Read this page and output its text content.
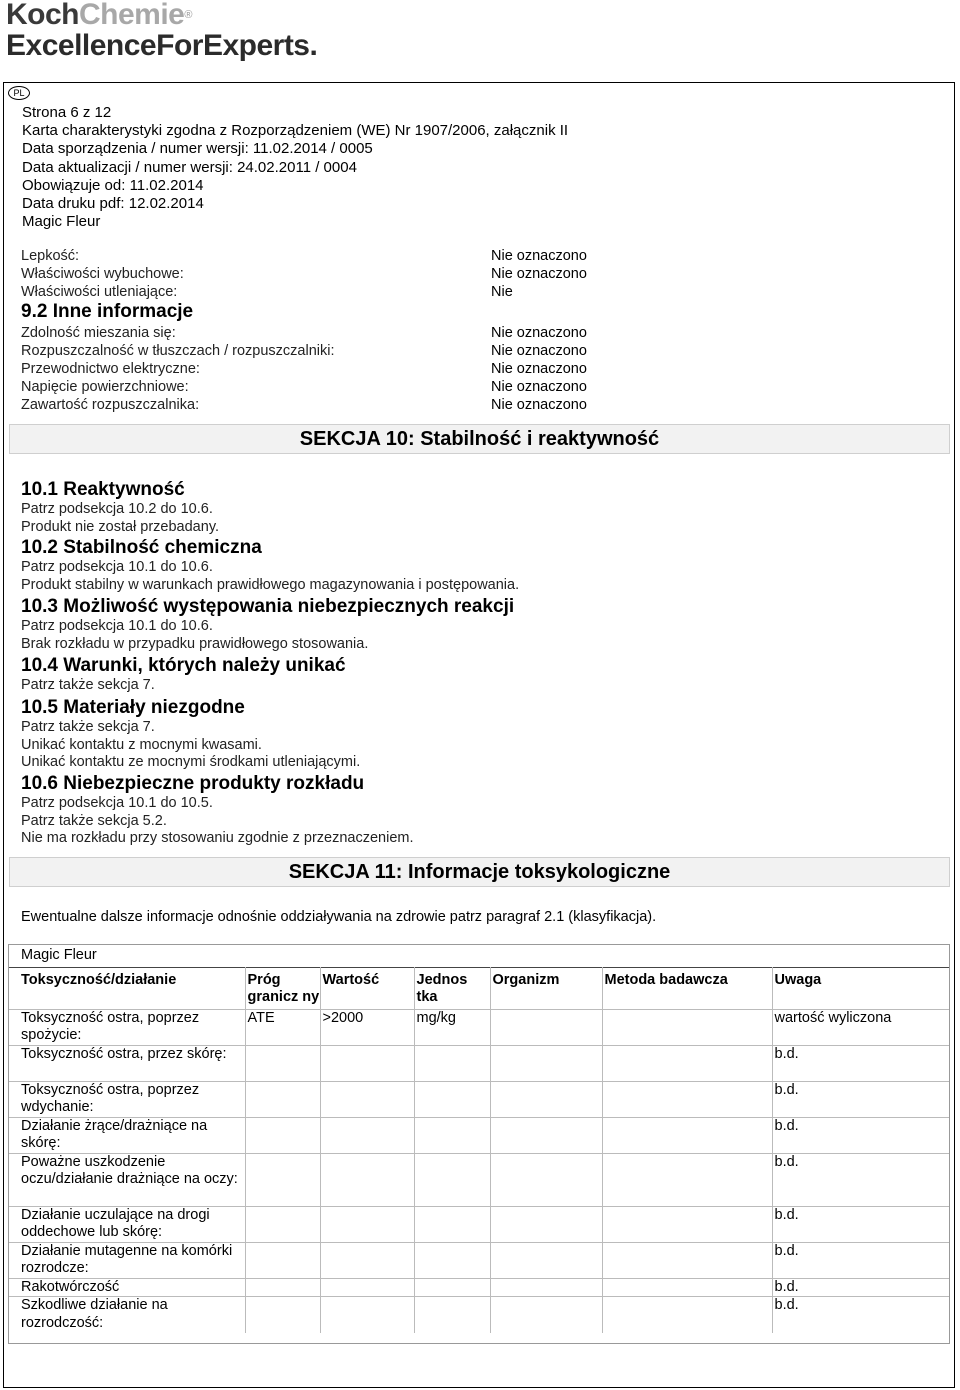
KochChemie®
ExcellenceForExperts.
PL
Strona 6 z 12
Karta charakterystyki zgodna z Rozporządzeniem (WE) Nr 1907/2006, załącznik II
Data sporządzenia / numer wersji: 11.02.2014 / 0005
Data aktualizacji / numer wersji: 24.02.2011 / 0004
Obowiązuje od: 11.02.2014
Data druku pdf: 12.02.2014
Magic Fleur
Lepkość:	Nie oznaczono
Właściwości wybuchowe:	Nie oznaczono
Właściwości utleniające:	Nie
9.2 Inne informacje
Zdolność mieszania się:	Nie oznaczono
Rozpuszczalność w tłuszczach / rozpuszczalniki:	Nie oznaczono
Przewodnictwo elektryczne:	Nie oznaczono
Napięcie powierzchniowe:	Nie oznaczono
Zawartość rozpuszczalnika:	Nie oznaczono
SEKCJA 10: Stabilność i reaktywność
10.1 Reaktywność
Patrz podsekcja 10.2 do 10.6.
Produkt nie został przebadany.
10.2 Stabilność chemiczna
Patrz podsekcja 10.1 do 10.6.
Produkt stabilny w warunkach prawidłowego magazynowania i postępowania.
10.3 Możliwość występowania niebezpiecznych reakcji
Patrz podsekcja 10.1 do 10.6.
Brak rozkładu w przypadku prawidłowego stosowania.
10.4 Warunki, których należy unikać
Patrz także sekcja 7.
10.5 Materiały niezgodne
Patrz także sekcja 7.
Unikać kontaktu z mocnymi kwasami.
Unikać kontaktu ze mocnymi środkami utleniającymi.
10.6 Niebezpieczne produkty rozkładu
Patrz podsekcja 10.1 do 10.5.
Patrz także sekcja 5.2.
Nie ma rozkładu przy stosowaniu zgodnie z przeznaczeniem.
SEKCJA 11: Informacje toksykologiczne
Ewentualne dalsze informacje odnośnie oddziaływania na zdrowie patrz paragraf 2.1 (klasyfikacja).
Magic Fleur						
Toksyczność/działanie	Próg granicz ny	Wartość	Jednos tka	Organizm	Metoda badawcza	Uwaga
Toksyczność ostra, poprzez spożycie:	ATE	>2000	mg/kg			wartość wyliczona
Toksyczność ostra, przez skórę:						b.d.
Toksyczność ostra, poprzez wdychanie:						b.d.
Działanie żrące/drażniące na skórę:						b.d.
Poważne uszkodzenie oczu/działanie drażniące na oczy:						b.d.
Działanie uczulające na drogi oddechowe lub skórę:						b.d.
Działanie mutagenne na komórki rozrodcze:						b.d.
Rakotwórczość						b.d.
Szkodliwe działanie na rozrodczość:						b.d.
